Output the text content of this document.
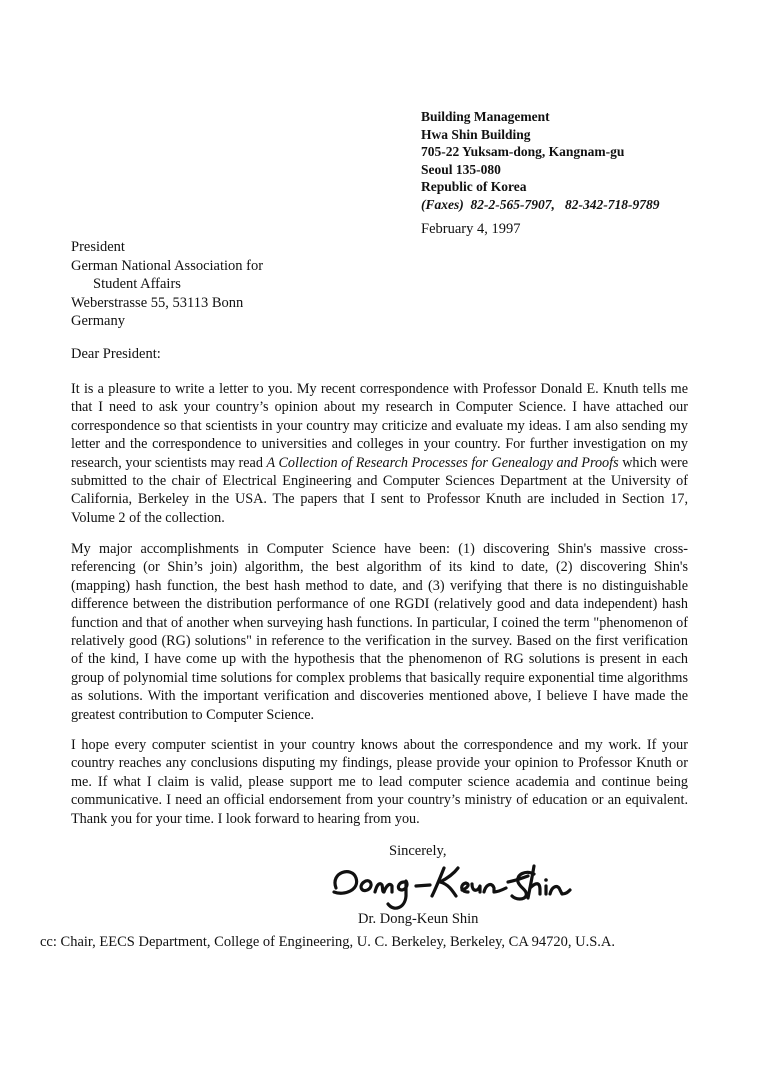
Building Management
Hwa Shin Building
705-22 Yuksam-dong, Kangnam-gu
Seoul 135-080
Republic of Korea
(Faxes)  82-2-565-7907,   82-342-718-9789
February 4, 1997
President
German National Association for
Student Affairs
Weberstrasse 55, 53113 Bonn
Germany
Dear President:

It is a pleasure to write a letter to you. My recent correspondence with Professor Donald E. Knuth tells me that I need to ask your country’s opinion about my research in Computer Science. I have attached our correspondence so that scientists in your country may criticize and evaluate my ideas. I am also sending my letter and the correspondence to universities and colleges in your country. For further investigation on my research, your scientists may read A Collection of Research Processes for Genealogy and Proofs which were submitted to the chair of Electrical Engineering and Computer Sciences Department at the University of California, Berkeley in the USA. The papers that I sent to Professor Knuth are included in Section 17, Volume 2 of the collection.

My major accomplishments in Computer Science have been: (1) discovering Shin's massive cross-referencing (or Shin’s join) algorithm, the best algorithm of its kind to date, (2) discovering Shin's (mapping) hash function, the best hash method to date, and (3) verifying that there is no distinguishable difference between the distribution performance of one RGDI (relatively good and data independent) hash function and that of another when surveying hash functions. In particular, I coined the term "phenomenon of relatively good (RG) solutions" in reference to the verification in the survey. Based on the first verification of the kind, I have come up with the hypothesis that the phenomenon of RG solutions is present in each group of polynomial time solutions for complex problems that basically require exponential time algorithms as solutions. With the important verification and discoveries mentioned above, I believe I have made the greatest contribution to Computer Science.

I hope every computer scientist in your country knows about the correspondence and my work. If your country reaches any conclusions disputing my findings, please provide your opinion to Professor Knuth or me. If what I claim is valid, please support me to lead computer science academia and continue being communicative. I need an official endorsement from your country’s ministry of education or an equivalent. Thank you for your time. I look forward to hearing from you.

Sincerely,
Dr. Dong-Keun Shin
cc: Chair, EECS Department, College of Engineering, U. C. Berkeley, Berkeley, CA 94720, U.S.A.
